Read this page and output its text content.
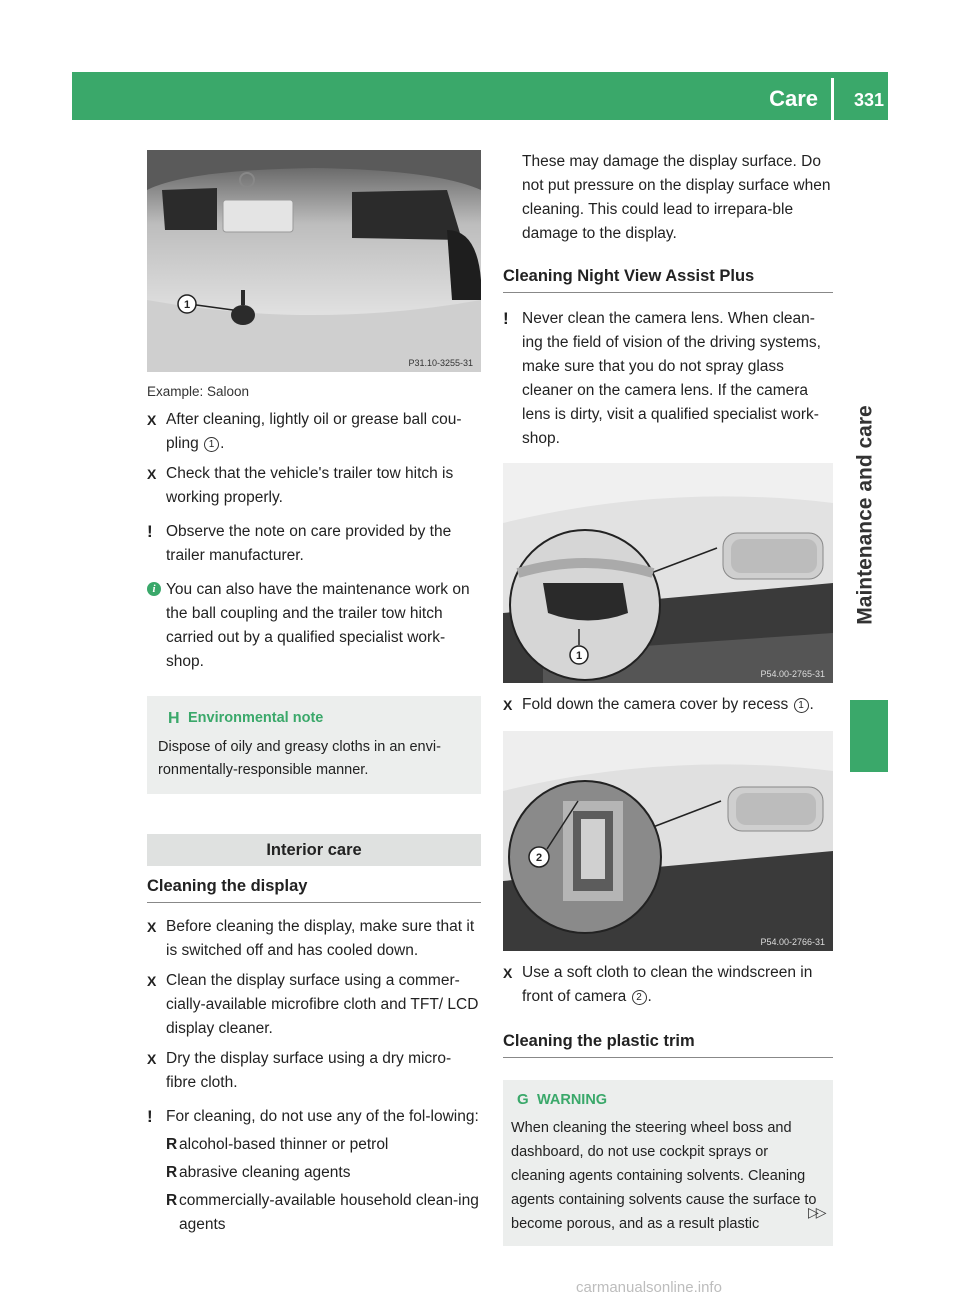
Care 331
Maintenance and care
1
P31.10-3255-31
Example: Saloon
X After cleaning, lightly oil or grease ball cou-pling 1 .
X Check that the vehicle's trailer tow hitch is working properly.
! Observe the note on care provided by the trailer manufacturer.
i You can also have the maintenance work on the ball coupling and the trailer tow hitch carried out by a qualified specialist work-shop.
H Environmental note
Dispose of oily and greasy cloths in an envi-ronmentally-responsible manner.
Interior care
Cleaning the display
X Before cleaning the display, make sure that it is switched off and has cooled down.
X Clean the display surface using a commer-cially-available microfibre cloth and TFT/ LCD display cleaner.
X Dry the display surface using a dry micro-fibre cloth.
! For cleaning, do not use any of the fol-lowing:
R alcohol-based thinner or petrol
R abrasive cleaning agents
R commercially-available household clean-ing agents
These may damage the display surface. Do not put pressure on the display surface when cleaning. This could lead to irrepara-ble damage to the display.
Cleaning Night View Assist Plus
! Never clean the camera lens. When clean-ing the field of vision of the driving systems, make sure that you do not spray glass cleaner on the camera lens. If the camera lens is dirty, visit a qualified specialist work-shop.
1
P54.00-2765-31
X Fold down the camera cover by recess 1 .
2
P54.00-2766-31
X Use a soft cloth to clean the windscreen in front of camera 2 .
Cleaning the plastic trim
G WARNING
When cleaning the steering wheel boss and dashboard, do not use cockpit sprays or cleaning agents containing solvents. Cleaning agents containing solvents cause the surface to become porous, and as a result plastic
▷▷
carmanualsonline.info
